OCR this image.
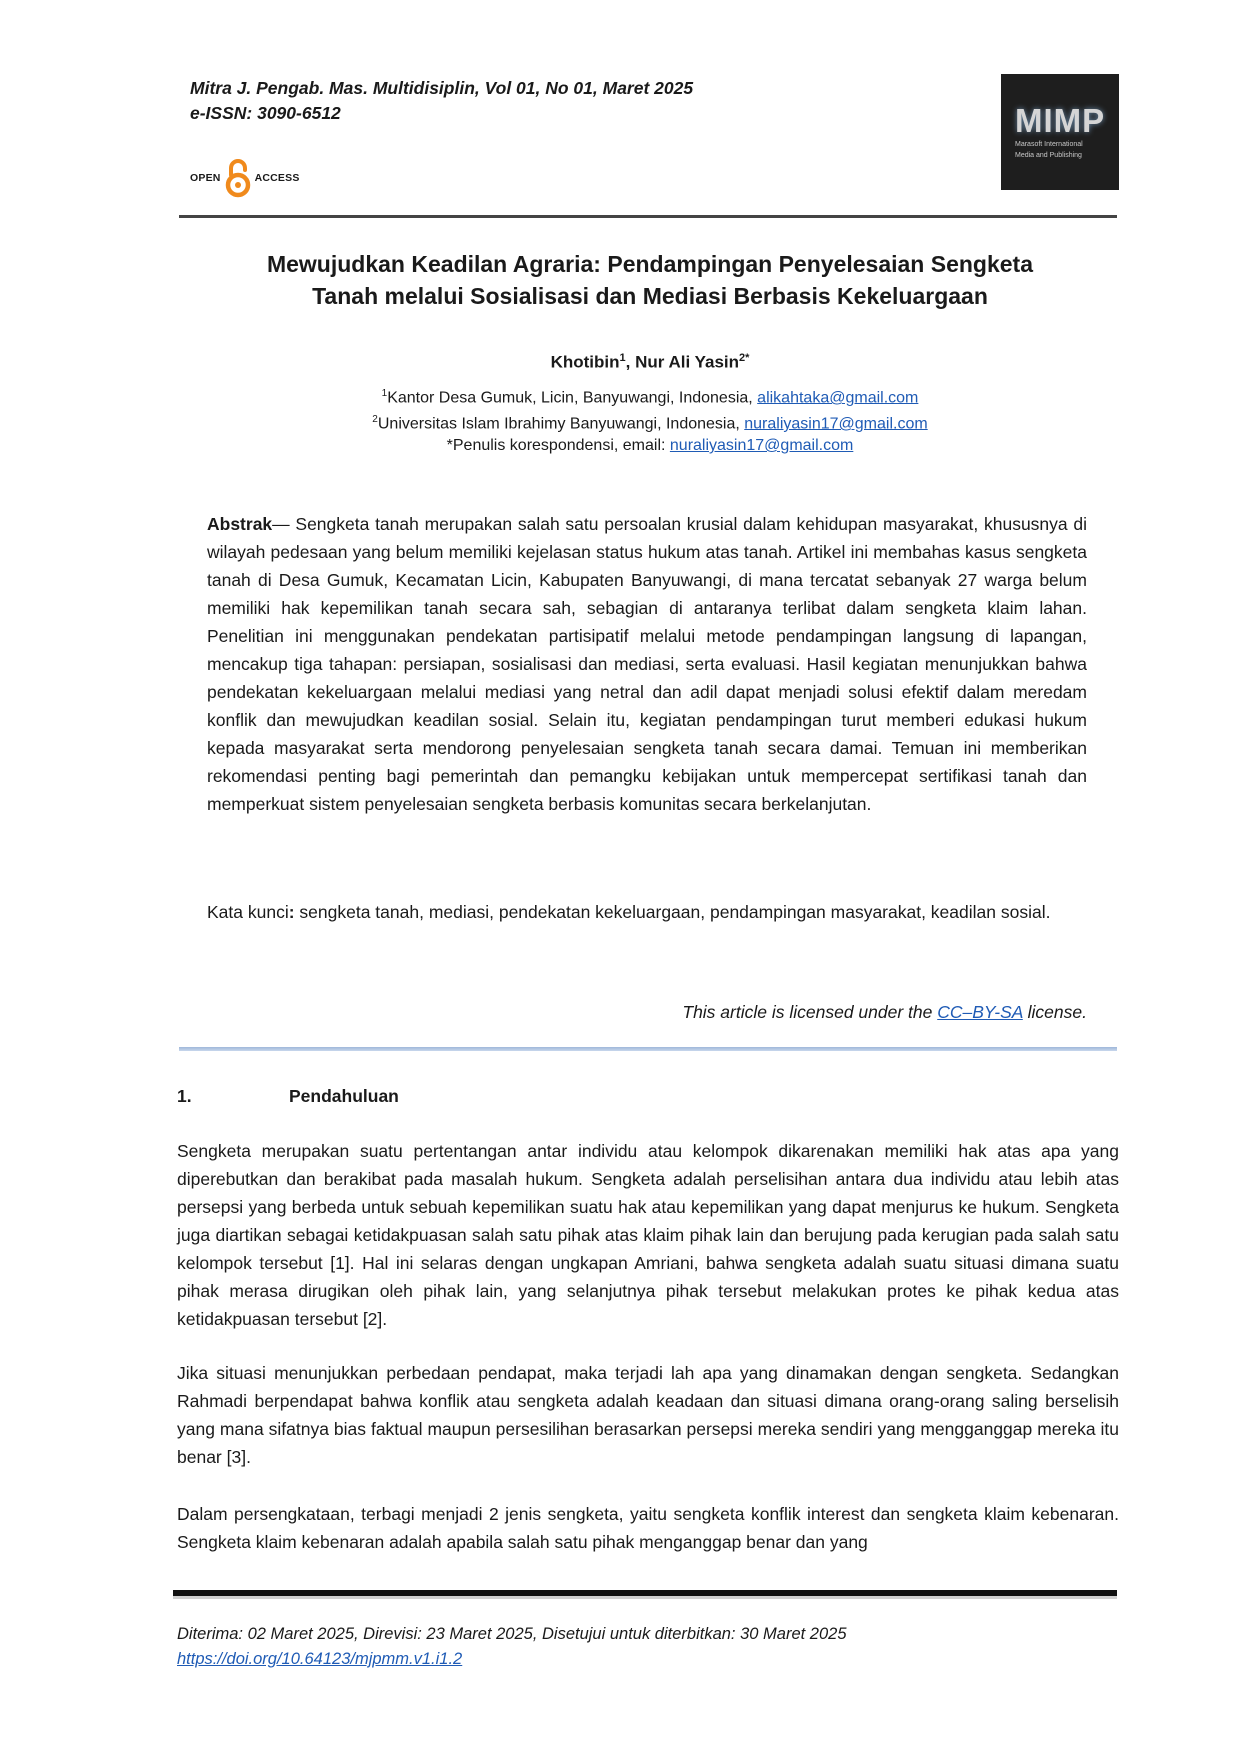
Mitra J. Pengab. Mas. Multidisiplin, Vol 01, No 01, Maret 2025
e-ISSN: 3090-6512
OPEN	ACCESS
MIMP
Marasoft International
Media and Publishing
Mewujudkan Keadilan Agraria: Pendampingan Penyelesaian Sengketa
Tanah melalui Sosialisasi dan Mediasi Berbasis Kekeluargaan
Khotibin$^1$, Nur Ali Yasin$^{2*}$
$^1$Kantor Desa Gumuk, Licin, Banyuwangi, Indonesia, alikahtaka@gmail.com
$^2$Universitas Islam Ibrahimy Banyuwangi, Indonesia, nuraliyasin17@gmail.com
*Penulis korespondensi, email: nuraliyasin17@gmail.com
Abstrak— Sengketa tanah merupakan salah satu persoalan krusial dalam kehidupan masyarakat, khususnya di wilayah pedesaan yang belum memiliki kejelasan status hukum atas tanah. Artikel ini membahas kasus sengketa tanah di Desa Gumuk, Kecamatan Licin, Kabupaten Banyuwangi, di mana tercatat sebanyak 27 warga belum memiliki hak kepemilikan tanah secara sah, sebagian di antaranya terlibat dalam sengketa klaim lahan. Penelitian ini menggunakan pendekatan partisipatif melalui metode pendampingan langsung di lapangan, mencakup tiga tahapan: persiapan, sosialisasi dan mediasi, serta evaluasi. Hasil kegiatan menunjukkan bahwa pendekatan kekeluargaan melalui mediasi yang netral dan adil dapat menjadi solusi efektif dalam meredam konflik dan mewujudkan keadilan sosial. Selain itu, kegiatan pendampingan turut memberi edukasi hukum kepada masyarakat serta mendorong penyelesaian sengketa tanah secara damai. Temuan ini memberikan rekomendasi penting bagi pemerintah dan pemangku kebijakan untuk mempercepat sertifikasi tanah dan memperkuat sistem penyelesaian sengketa berbasis komunitas secara berkelanjutan.
Kata kunci: sengketa tanah, mediasi, pendekatan kekeluargaan, pendampingan masyarakat, keadilan sosial.
This article is licensed under the CC–BY-SA license.
1.	Pendahuluan
Sengketa merupakan suatu pertentangan antar individu atau kelompok dikarenakan memiliki hak atas apa yang diperebutkan dan berakibat pada masalah hukum. Sengketa adalah perselisihan antara dua individu atau lebih atas persepsi yang berbeda untuk sebuah kepemilikan suatu hak atau kepemilikan yang dapat menjurus ke hukum. Sengketa juga diartikan sebagai ketidakpuasan salah satu pihak atas klaim pihak lain dan berujung pada kerugian pada salah satu kelompok tersebut [1]. Hal ini selaras dengan ungkapan Amriani, bahwa sengketa adalah suatu situasi dimana suatu pihak merasa dirugikan oleh pihak lain, yang selanjutnya pihak tersebut melakukan protes ke pihak kedua atas ketidakpuasan tersebut [2].
Jika situasi menunjukkan perbedaan pendapat, maka terjadi lah apa yang dinamakan dengan sengketa. Sedangkan Rahmadi berpendapat bahwa konflik atau sengketa adalah keadaan dan situasi dimana orang-orang saling berselisih yang mana sifatnya bias faktual maupun persesilihan berasarkan persepsi mereka sendiri yang mengganggap mereka itu benar [3].
Dalam persengkataan, terbagi menjadi 2 jenis sengketa, yaitu sengketa konflik interest dan sengketa klaim kebenaran. Sengketa klaim kebenaran adalah apabila salah satu pihak menganggap benar dan yang
Diterima: 02 Maret 2025, Direvisi: 23 Maret 2025, Disetujui untuk diterbitkan: 30 Maret 2025
https://doi.org/10.64123/mjpmm.v1.i1.2
